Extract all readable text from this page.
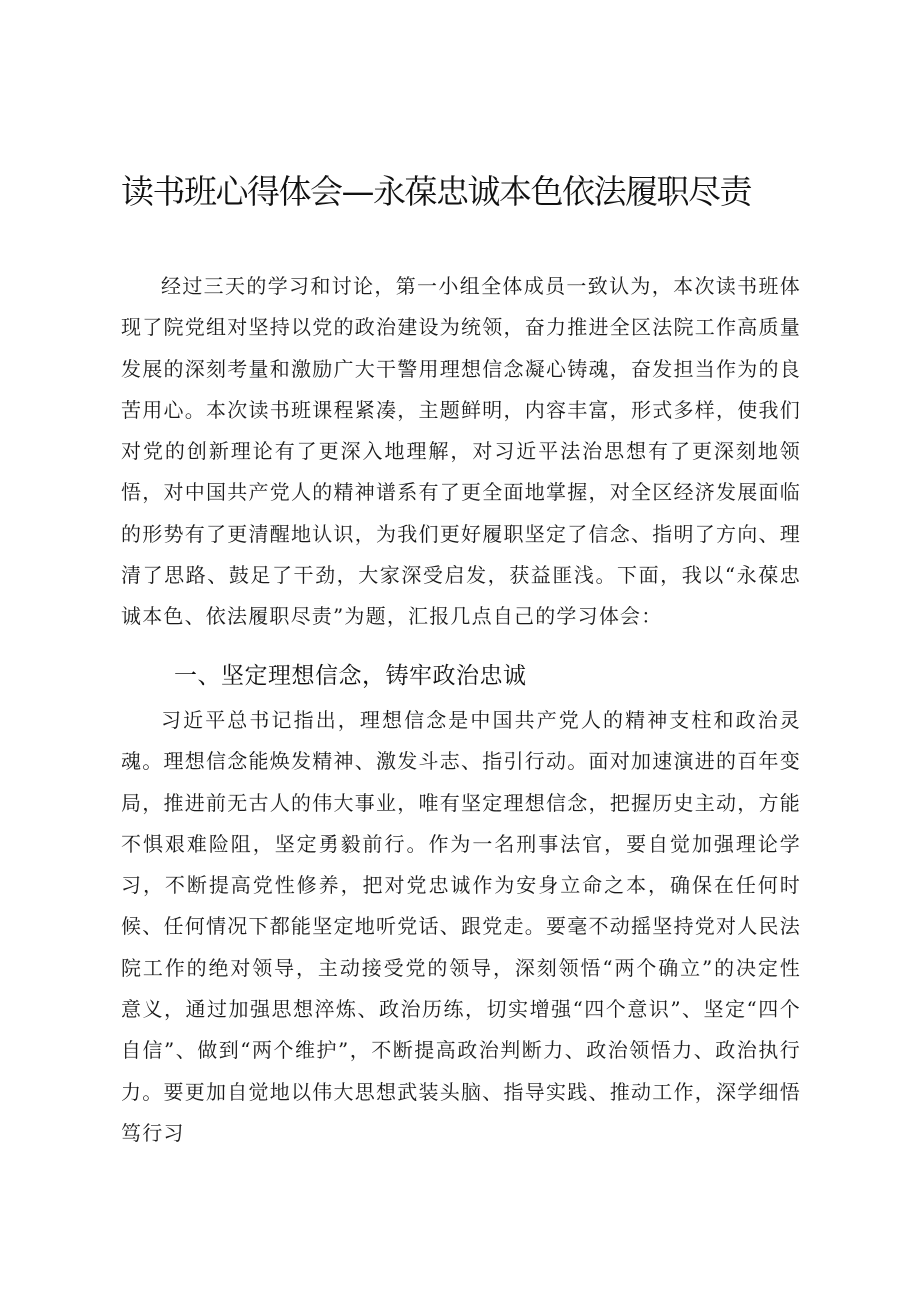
读书班心得体会—永葆忠诚本色依法履职尽责

经过三天的学习和讨论，第一小组全体成员一致认为，本次读书班体现了院党组对坚持以党的政治建设为统领，奋力推进全区法院工作高质量发展的深刻考量和激励广大干警用理想信念凝心铸魂，奋发担当作为的良苦用心。本次读书班课程紧凑，主题鲜明，内容丰富，形式多样，使我们对党的创新理论有了更深入地理解，对习近平法治思想有了更深刻地领悟，对中国共产党人的精神谱系有了更全面地掌握，对全区经济发展面临的形势有了更清醒地认识，为我们更好履职坚定了信念、指明了方向、理清了思路、鼓足了干劲，大家深受启发，获益匪浅。下面，我以“永葆忠诚本色、依法履职尽责”为题，汇报几点自己的学习体会：

一、坚定理想信念，铸牢政治忠诚

习近平总书记指出，理想信念是中国共产党人的精神支柱和政治灵魂。理想信念能焕发精神、激发斗志、指引行动。面对加速演进的百年变局，推进前无古人的伟大事业，唯有坚定理想信念，把握历史主动，方能不惧艰难险阻，坚定勇毅前行。作为一名刑事法官，要自觉加强理论学习，不断提高党性修养，把对党忠诚作为安身立命之本，确保在任何时候、任何情况下都能坚定地听党话、跟党走。要毫不动摇坚持党对人民法院工作的绝对领导，主动接受党的领导，深刻领悟“两个确立”的决定性意义，通过加强思想淬炼、政治历练，切实增强“四个意识”、坚定“四个自信”、做到“两个维护”，不断提高政治判断力、政治领悟力、政治执行力。要更加自觉地以伟大思想武装头脑、指导实践、推动工作，深学细悟笃行习
